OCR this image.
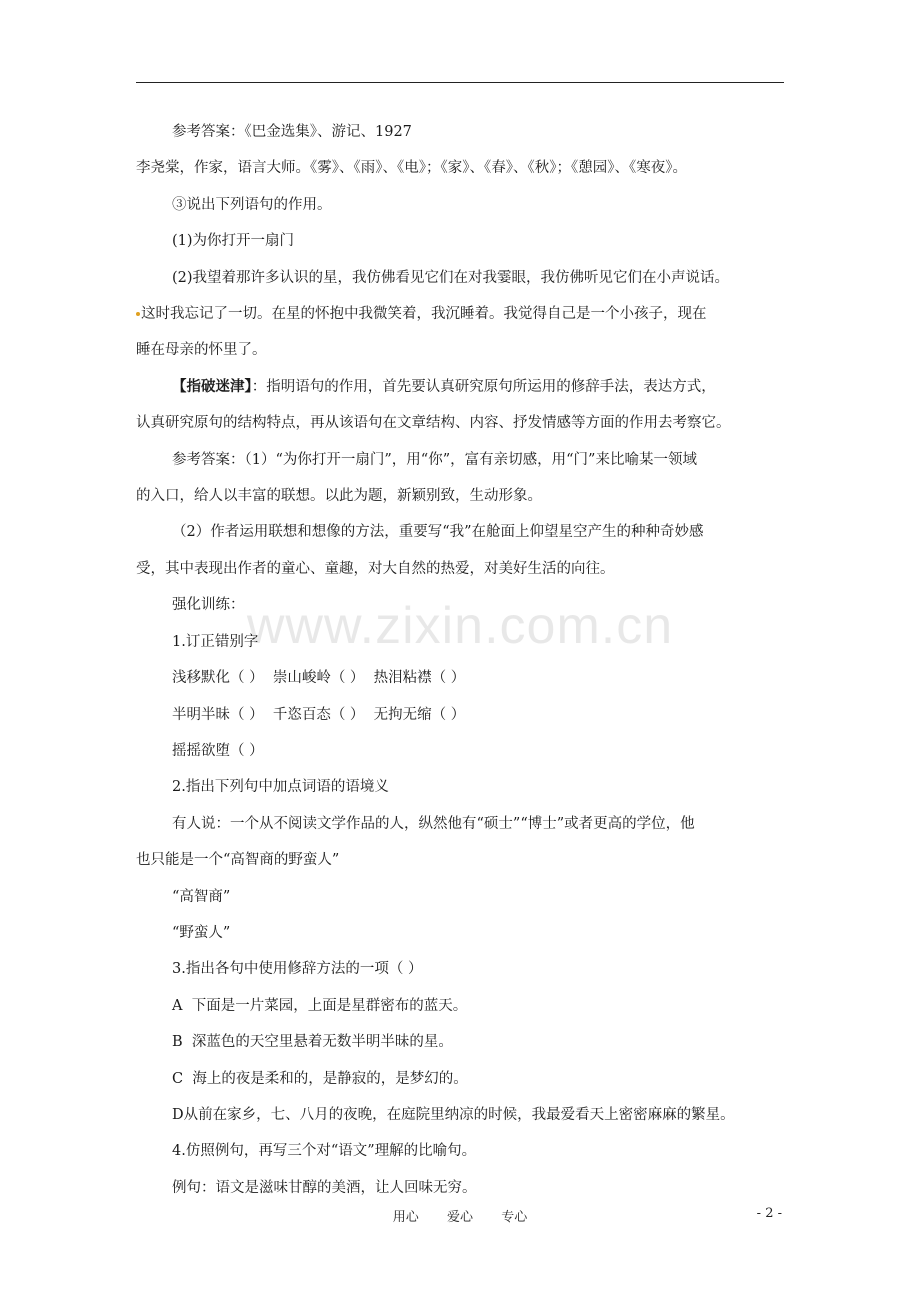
www.zixin.com.cn

参考答案：《巴金选集》、游记、1927

李尧棠，作家，语言大师。《雾》、《雨》、《电》；《家》、《春》、《秋》；《憩园》、《寒夜》。

③说出下列语句的作用。

(1)为你打开一扇门

(2)我望着那许多认识的星，我仿佛看见它们在对我霎眼，我仿佛听见它们在小声说话。

这时我忘记了一切。在星的怀抱中我微笑着，我沉睡着。我觉得自己是一个小孩子，现在

睡在母亲的怀里了。

【指破迷津】：指明语句的作用，首先要认真研究原句所运用的修辞手法，表达方式，

认真研究原句的结构特点，再从该语句在文章结构、内容、抒发情感等方面的作用去考察它。

参考答案：（1）“为你打开一扇门”，用“你”，富有亲切感，用“门”来比喻某一领域

的入口，给人以丰富的联想。以此为题，新颖别致，生动形象。

（2）作者运用联想和想像的方法，重要写“我”在舱面上仰望星空产生的种种奇妙感

受，其中表现出作者的童心、童趣，对大自然的热爱，对美好生活的向往。

强化训练：

1.订正错别字

浅移默化（ ）  崇山峻岭（ ）  热泪粘襟（ ）

半明半昧（ ）  千恣百态（ ）  无拘无缩（ ）

摇摇欲堕（ ）

2.指出下列句中加点词语的语境义

有人说：一个从不阅读文学作品的人，纵然他有“硕士”“博士”或者更高的学位，他

也只能是一个“高智商的野蛮人”

“高智商”

“野蛮人”

3.指出各句中使用修辞方法的一项（ ）

A  下面是一片菜园，上面是星群密布的蓝天。

B  深蓝色的天空里悬着无数半明半昧的星。

C  海上的夜是柔和的，是静寂的，是梦幻的。

D从前在家乡，七、八月的夜晚，在庭院里纳凉的时候，我最爱看天上密密麻麻的繁星。

4.仿照例句，再写三个对“语文”理解的比喻句。

例句：语文是滋味甘醇的美酒，让人回味无穷。

用心  爱心  专心	- 2 -
